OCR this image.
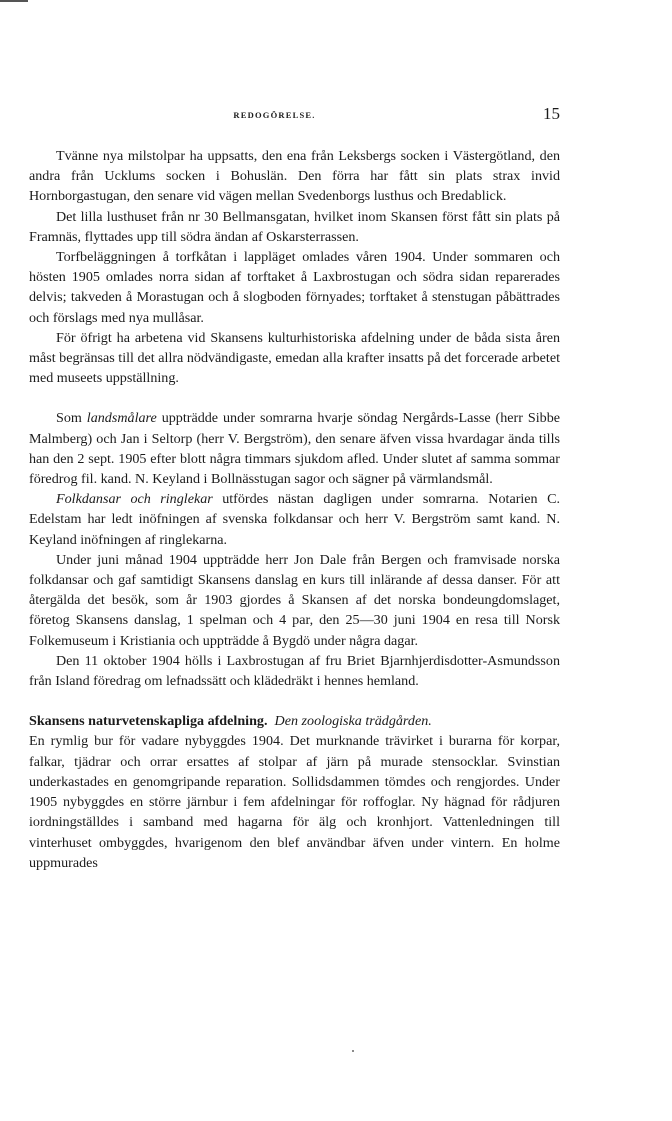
REDOGÖRELSE.	15

Tvänne nya milstolpar ha uppsatts, den ena från Leksbergs socken i Västergötland, den andra från Ucklums socken i Bohuslän. Den förra har fått sin plats strax invid Hornborgastugan, den senare vid vägen mellan Svedenborgs lusthus och Bredablick.

Det lilla lusthuset från nr 30 Bellmansgatan, hvilket inom Skansen först fått sin plats på Framnäs, flyttades upp till södra ändan af Oskarsterrassen.

Torfbeläggningen å torfkåtan i lappläget omlades våren 1904. Under sommaren och hösten 1905 omlades norra sidan af torftaket å Laxbrostugan och södra sidan reparerades delvis; takveden å Morastugan och å slogboden förnyades; torftaket å stenstugan påbättrades och förslags med nya mullåsar.

För öfrigt ha arbetena vid Skansens kulturhistoriska afdelning under de båda sista åren måst begränsas till det allra nödvändigaste, emedan alla krafter insatts på det forcerade arbetet med museets uppställning.

Som landsmålare uppträdde under somrarna hvarje söndag Nergårds-Lasse (herr Sibbe Malmberg) och Jan i Seltorp (herr V. Bergström), den senare äfven vissa hvardagar ända tills han den 2 sept. 1905 efter blott några timmars sjukdom afled. Under slutet af samma sommar föredrog fil. kand. N. Keyland i Bollnässtugan sagor och sägner på värmlandsmål.

Folkdansar och ringlekar utfördes nästan dagligen under somrarna. Notarien C. Edelstam har ledt inöfningen af svenska folkdansar och herr V. Bergström samt kand. N. Keyland inöfningen af ringlekarna.

Under juni månad 1904 uppträdde herr Jon Dale från Bergen och framvisade norska folkdansar och gaf samtidigt Skansens danslag en kurs till inlärande af dessa danser. För att återgälda det besök, som år 1903 gjordes å Skansen af det norska bondeungdomslaget, företog Skansens danslag, 1 spelman och 4 par, den 25—30 juni 1904 en resa till Norsk Folkemuseum i Kristiania och uppträdde å Bygdö under några dagar.

Den 11 oktober 1904 hölls i Laxbrostugan af fru Briet Bjarnhjerdisdotter-Asmundsson från Island föredrag om lefnadssätt och klädedräkt i hennes hemland.

Skansens naturvetenskapliga afdelning. Den zoologiska trädgården.
En rymlig bur för vadare nybyggdes 1904. Det murknande trävirket i burarna för korpar, falkar, tjädrar och orrar ersattes af stolpar af järn på murade stensocklar. Svinstian underkastades en genomgripande reparation. Sollidsdammen tömdes och rengjordes. Under 1905 nybyggdes en större järnbur i fem afdelningar för roffoglar. Ny hägnad för rådjuren iordningställdes i samband med hagarna för älg och kronhjort. Vattenledningen till vinterhuset ombyggdes, hvarigenom den blef användbar äfven under vintern. En holme uppmurades
